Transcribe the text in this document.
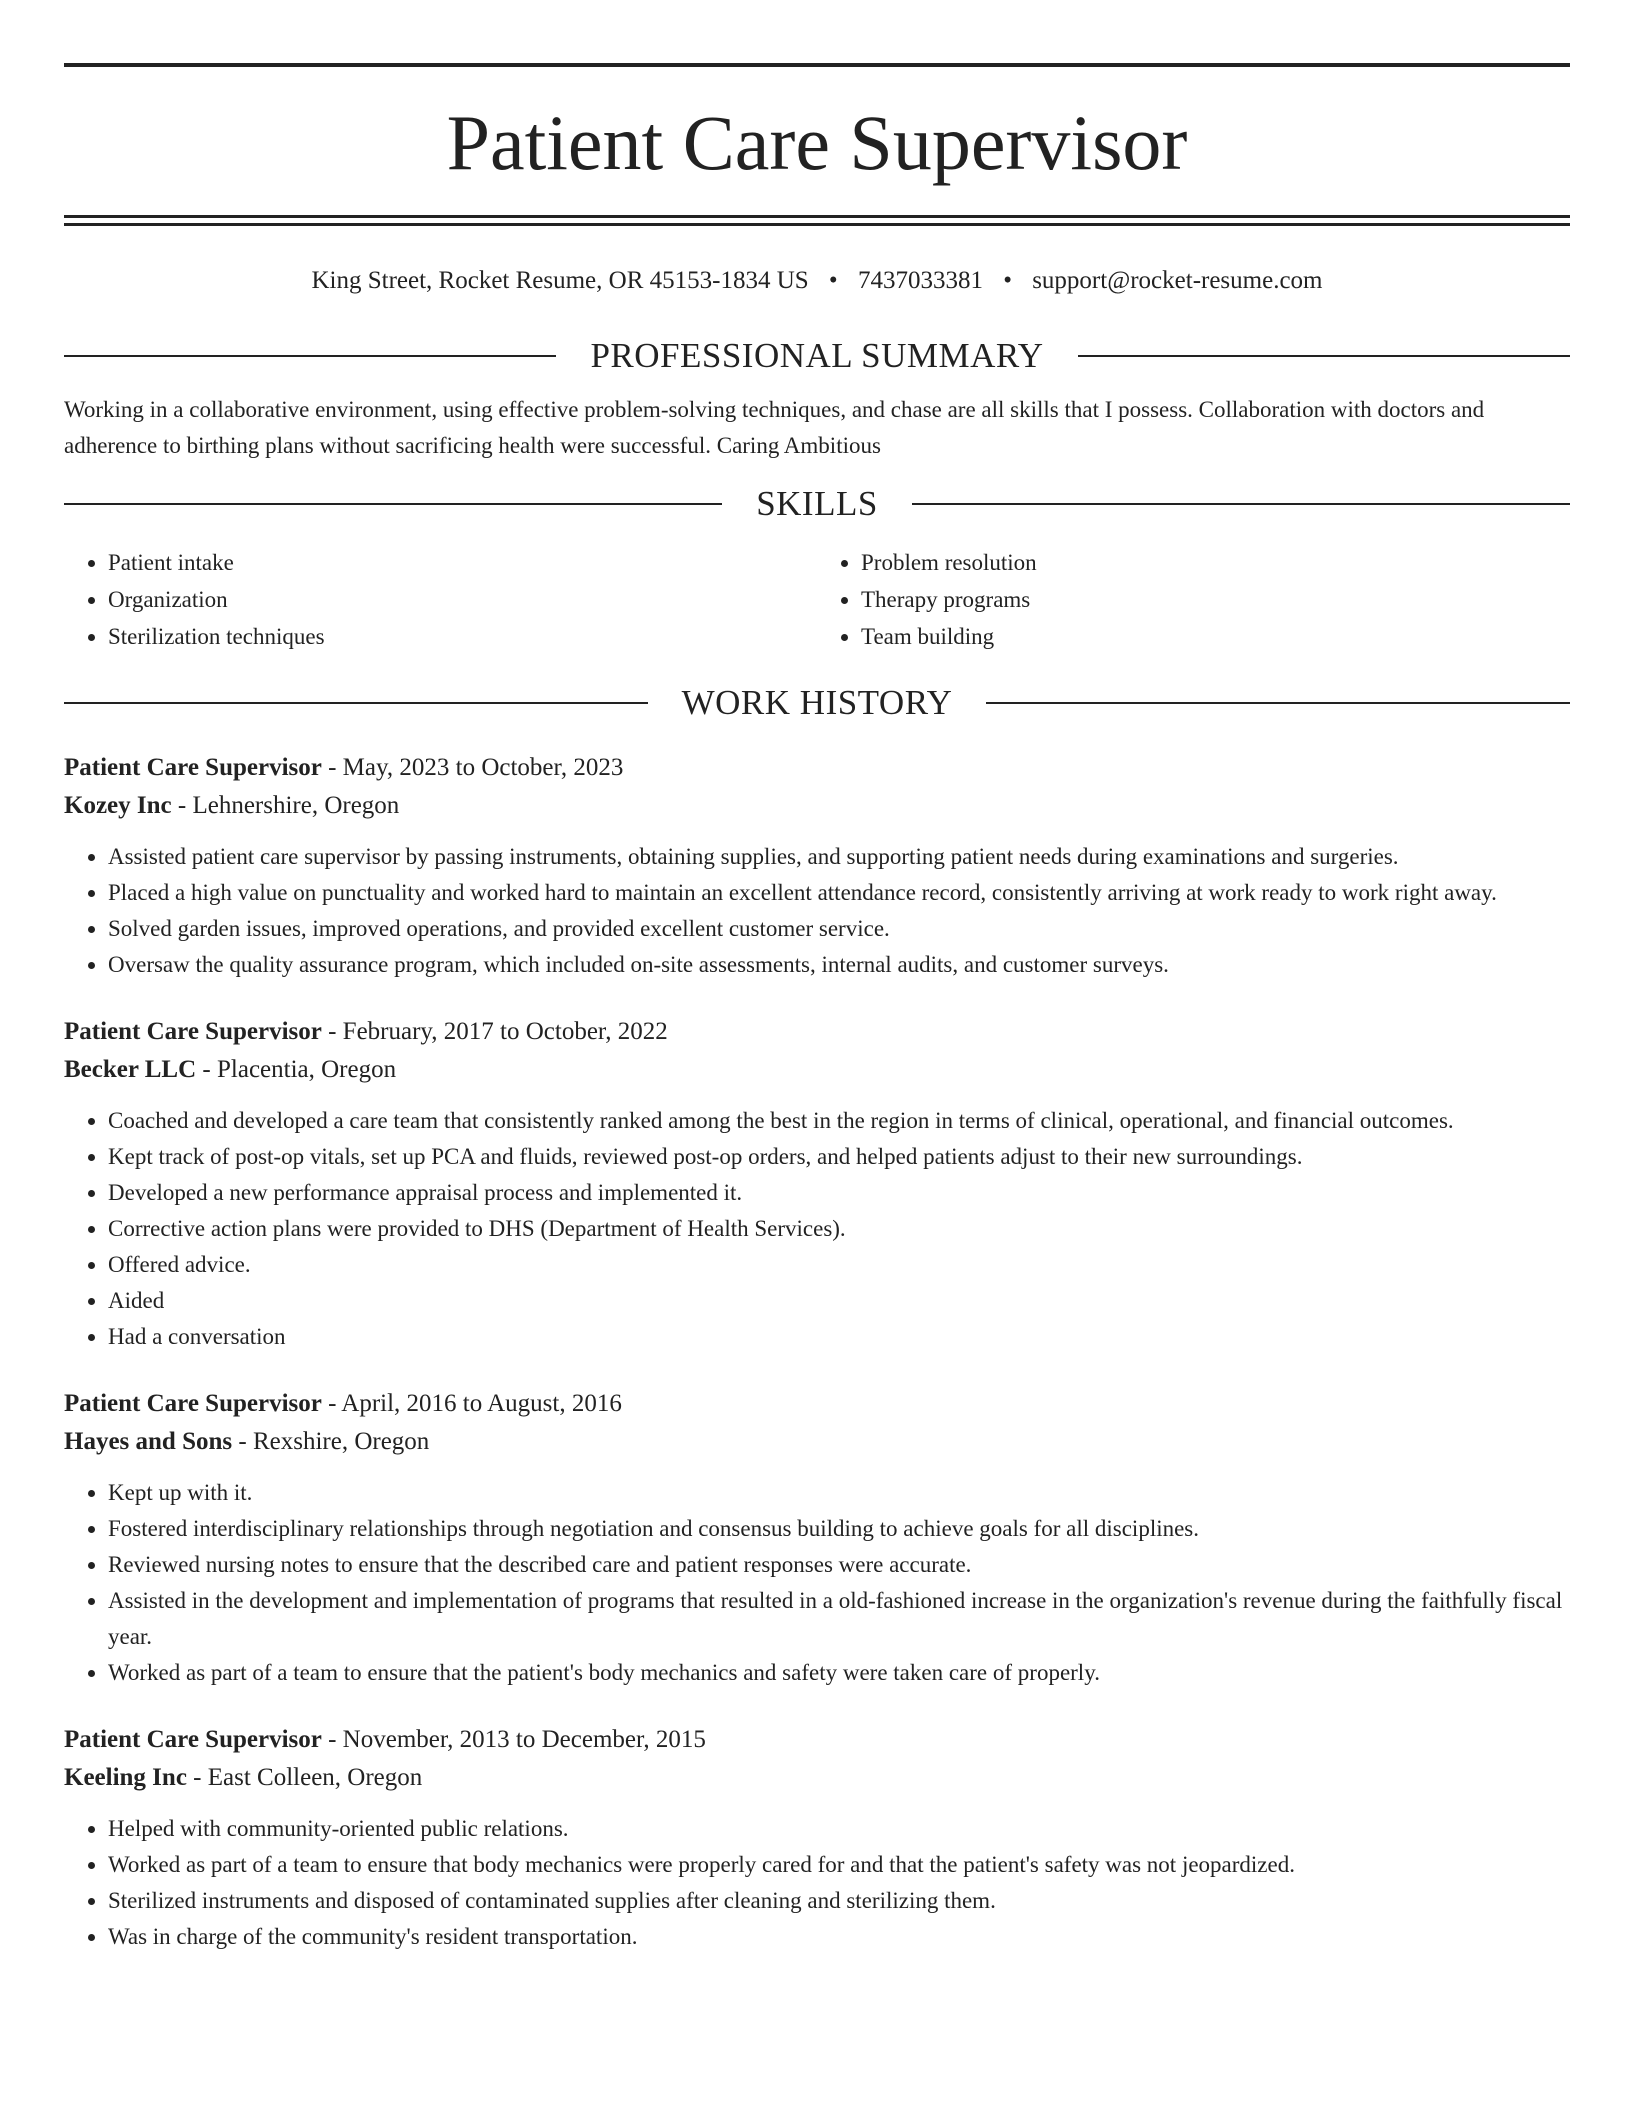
Patient Care Supervisor
King Street, Rocket Resume, OR 45153-1834 US • 7437033381 • support@rocket-resume.com
PROFESSIONAL SUMMARY
Working in a collaborative environment, using effective problem-solving techniques, and chase are all skills that I possess. Collaboration with doctors and adherence to birthing plans without sacrificing health were successful. Caring Ambitious
SKILLS
• Patient intake
• Organization
• Sterilization techniques
• Problem resolution
• Therapy programs
• Team building
WORK HISTORY
Patient Care Supervisor - May, 2023 to October, 2023
Kozey Inc - Lehnershire, Oregon
• Assisted patient care supervisor by passing instruments, obtaining supplies, and supporting patient needs during examinations and surgeries.
• Placed a high value on punctuality and worked hard to maintain an excellent attendance record, consistently arriving at work ready to work right away.
• Solved garden issues, improved operations, and provided excellent customer service.
• Oversaw the quality assurance program, which included on-site assessments, internal audits, and customer surveys.
Patient Care Supervisor - February, 2017 to October, 2022
Becker LLC - Placentia, Oregon
• Coached and developed a care team that consistently ranked among the best in the region in terms of clinical, operational, and financial outcomes.
• Kept track of post-op vitals, set up PCA and fluids, reviewed post-op orders, and helped patients adjust to their new surroundings.
• Developed a new performance appraisal process and implemented it.
• Corrective action plans were provided to DHS (Department of Health Services).
• Offered advice.
• Aided
• Had a conversation
Patient Care Supervisor - April, 2016 to August, 2016
Hayes and Sons - Rexshire, Oregon
• Kept up with it.
• Fostered interdisciplinary relationships through negotiation and consensus building to achieve goals for all disciplines.
• Reviewed nursing notes to ensure that the described care and patient responses were accurate.
• Assisted in the development and implementation of programs that resulted in a old-fashioned increase in the organization's revenue during the faithfully fiscal year.
• Worked as part of a team to ensure that the patient's body mechanics and safety were taken care of properly.
Patient Care Supervisor - November, 2013 to December, 2015
Keeling Inc - East Colleen, Oregon
• Helped with community-oriented public relations.
• Worked as part of a team to ensure that body mechanics were properly cared for and that the patient's safety was not jeopardized.
• Sterilized instruments and disposed of contaminated supplies after cleaning and sterilizing them.
• Was in charge of the community's resident transportation.
